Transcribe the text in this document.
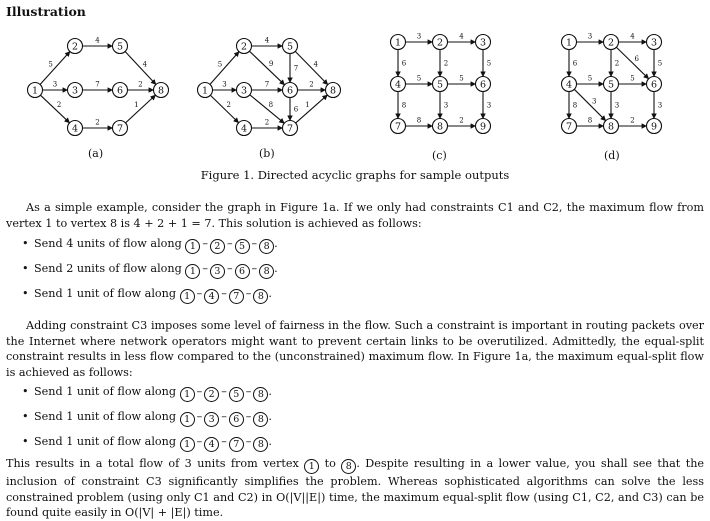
Illustration
5
3
2
4
7
2
4
2
1
1
2
3
4
5
6
7
8
5
3
2
4
9
7
7
8
2
6
4
2
1
1
2
3
4
5
6
7
8
3	4
5	5
8	2
6
8
2
3
5
3
1	2	3
4	5	6
7	8	9
3	4
5	5
8	2
6
8
2
3
5
3
6
3
1	2	3
4	5	6
7	8	9
(a)	(b)	(c)	(d)
Figure 1. Directed acyclic graphs for sample outputs
As a simple example, consider the graph in Figure 1a. If we only had constraints C1 and C2, the maximum flow from vertex 1 to vertex 8 is 4 + 2 + 1 = 7. This solution is achieved as follows:
• Send 4 units of flow along 1 – 2 – 5 – 8 .
• Send 2 units of flow along 1 – 3 – 6 – 8 .
• Send 1 unit of flow along 1 – 4 – 7 – 8 .
Adding constraint C3 imposes some level of fairness in the flow. Such a constraint is important in routing packets over the Internet where network operators might want to prevent certain links to be overutilized. Admittedly, the equal-split constraint results in less flow compared to the (unconstrained) maximum flow. In Figure 1a, the maximum equal-split flow is achieved as follows:
• Send 1 unit of flow along 1 – 2 – 5 – 8 .
• Send 1 unit of flow along 1 – 3 – 6 – 8 .
• Send 1 unit of flow along 1 – 4 – 7 – 8 .
This results in a total flow of 3 units from vertex 1 to 8 . Despite resulting in a lower value, you shall see that the inclusion of constraint C3 significantly simplifies the problem. Whereas sophisticated algorithms can solve the less constrained problem (using only C1 and C2) in O(|V||E|) time, the maximum equal-split flow (using C1, C2, and C3) can be found quite easily in O(|V| + |E|) time.
